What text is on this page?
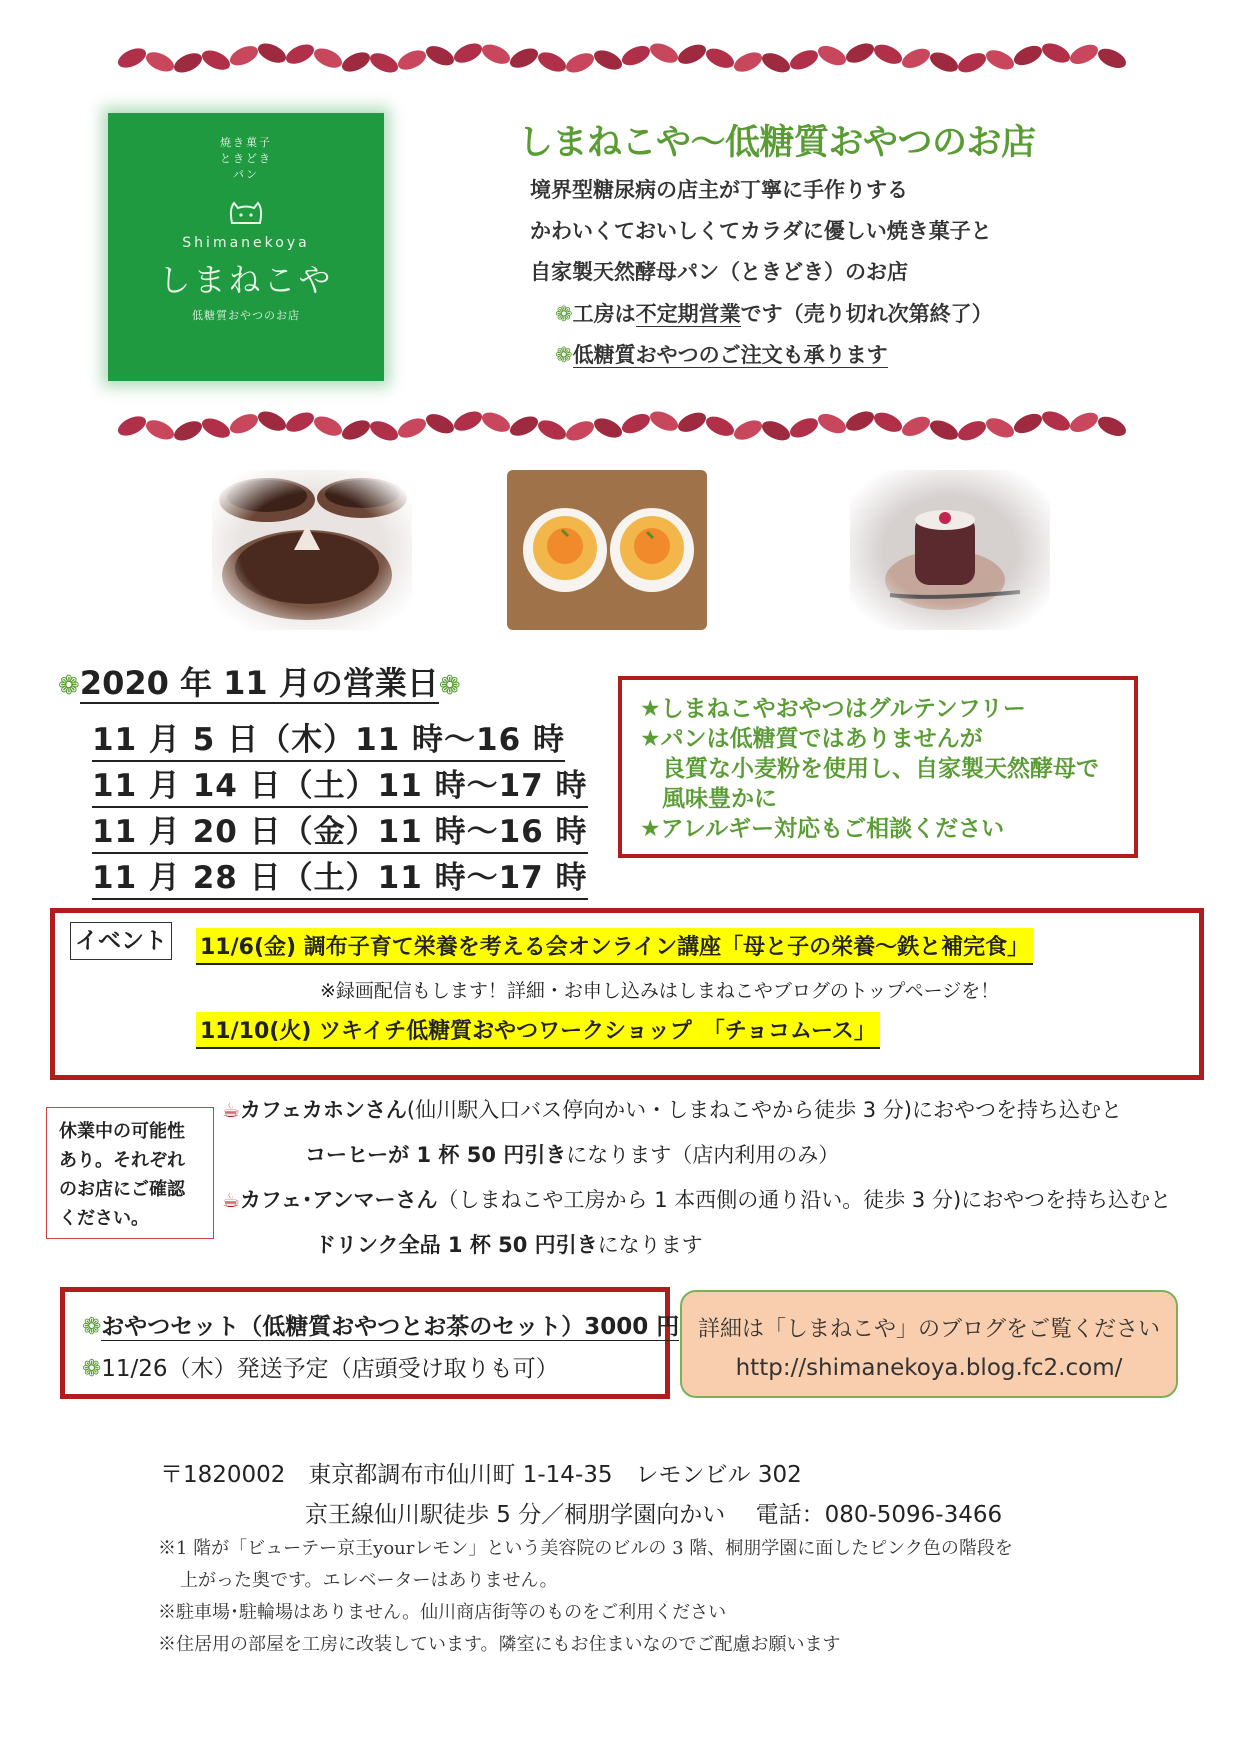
焼き菓子
ときどき
パン
Shimanekoya
しまねこや
低糖質おやつのお店
しまねこや～低糖質おやつのお店
境界型糖尿病の店主が丁寧に手作りする
かわいくておいしくてカラダに優しい焼き菓子と
自家製天然酵母パン（ときどき）のお店
❁工房は不定期営業です（売り切れ次第終了）
❁低糖質おやつのご注文も承ります
❁2020 年 11 月の営業日❁
11 月 5 日（木）11 時～16 時
11 月 14 日（土）11 時～17 時
11 月 20 日（金）11 時～16 時
11 月 28 日（土）11 時～17 時
★しまねこやおやつはグルテンフリー
★パンは低糖質ではありませんが
良質な小麦粉を使用し、自家製天然酵母で
風味豊かに
★アレルギー対応もご相談ください
イベント 11/6(金) 調布子育て栄養を考える会オンライン講座「母と子の栄養～鉄と補完食」
※録画配信もします！詳細・お申し込みはしまねこやブログのトップページを！
11/10(火) ツキイチ低糖質おやつワークショップ　「チョコムース」
休業中の可能性あり。それぞれのお店にご確認ください。
☕カフェカホンさん(仙川駅入口バス停向かい・しまねこやから徒歩 3 分)におやつを持ち込むと
コーヒーが 1 杯 50 円引きになります（店内利用のみ）
☕カフェ･アンマーさん（しまねこや工房から 1 本西側の通り沿い。徒歩 3 分)におやつを持ち込むと
ドリンク全品 1 杯 50 円引きになります
❁おやつセット（低糖質おやつとお茶のセット）3000 円
❁11/26（木）発送予定（店頭受け取りも可）
詳細は「しまねこや」のブログをご覧ください
http://shimanekoya.blog.fc2.com/
〒1820002　東京都調布市仙川町 1-14-35　レモンビル 302
京王線仙川駅徒歩 5 分／桐朋学園向かい　 電話：080-5096-3466
※1 階が「ビューテー京王yourレモン」という美容院のビルの 3 階、桐朋学園に面したピンク色の階段を
上がった奥です。エレベーターはありません。
※駐車場･駐輪場はありません。仙川商店街等のものをご利用ください
※住居用の部屋を工房に改装しています。隣室にもお住まいなのでご配慮お願います
